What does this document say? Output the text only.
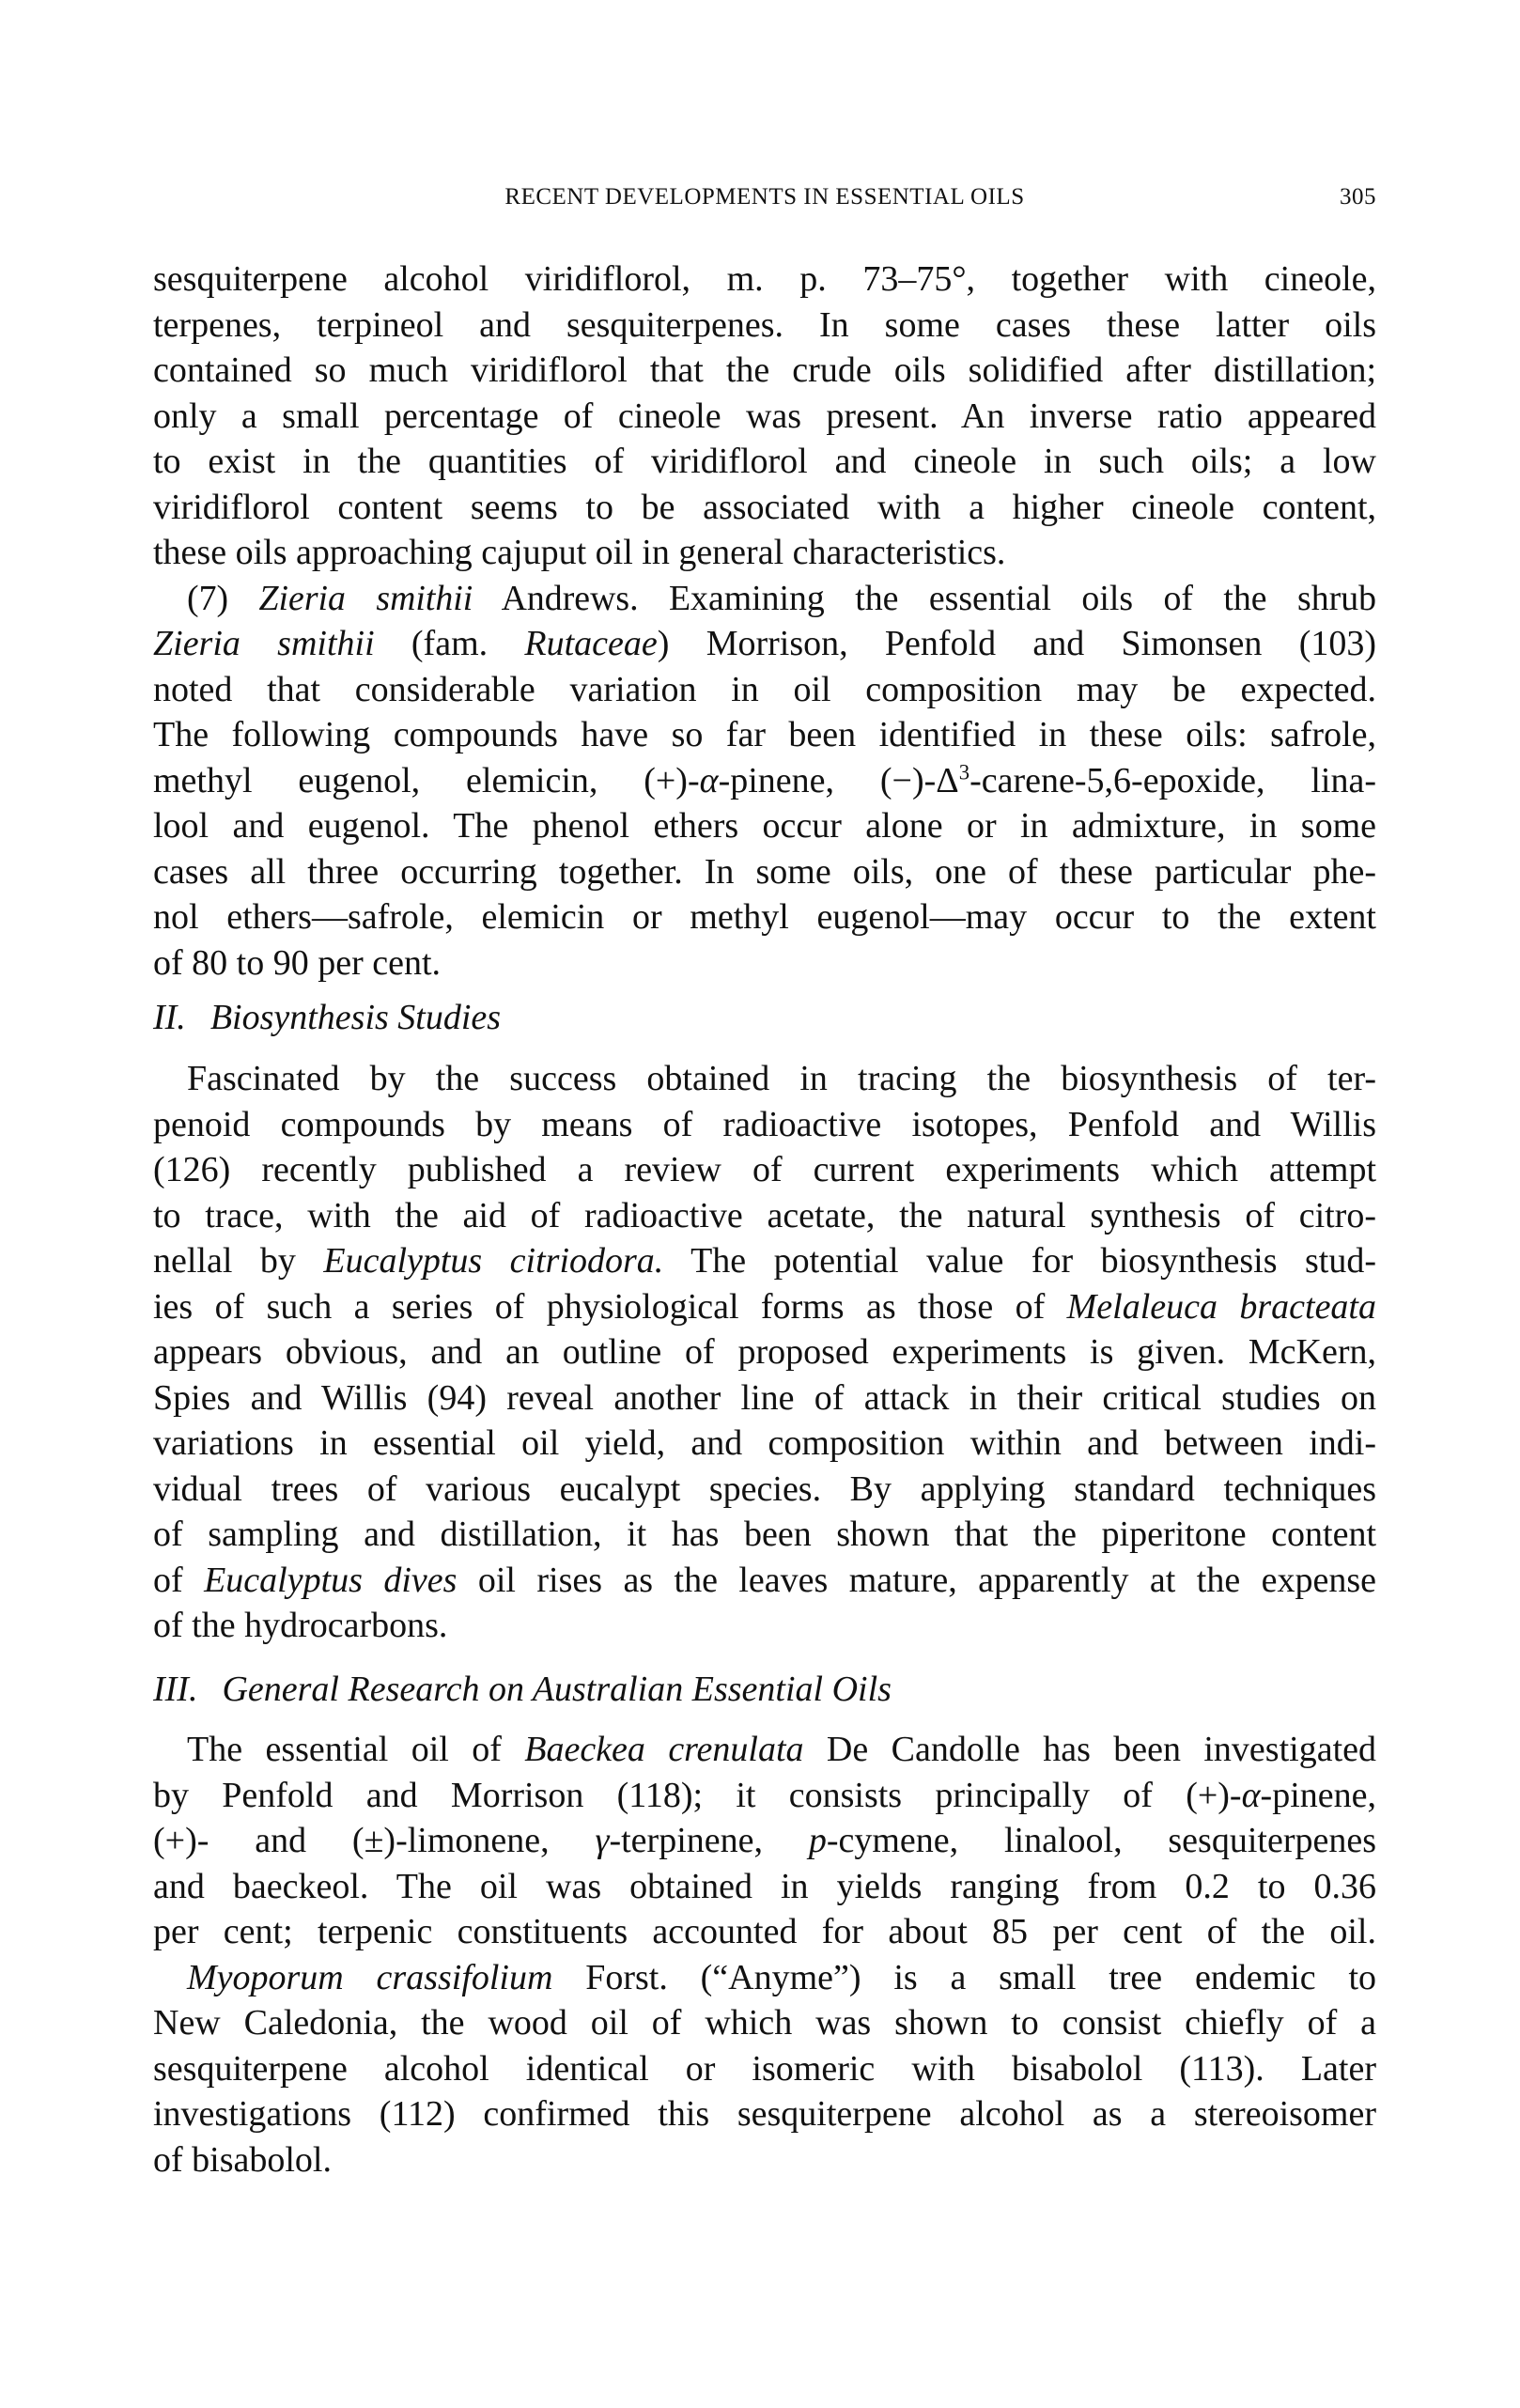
RECENT DEVELOPMENTS IN ESSENTIAL OILS	305
sesquiterpene alcohol viridiflorol, m. p. 73–75°, together with cineole,
terpenes, terpineol and sesquiterpenes. In some cases these latter oils
contained so much viridiflorol that the crude oils solidified after distillation;
only a small percentage of cineole was present. An inverse ratio appeared
to exist in the quantities of viridiflorol and cineole in such oils; a low
viridiflorol content seems to be associated with a higher cineole content,
these oils approaching cajuput oil in general characteristics.
(7) Zieria smithii Andrews. Examining the essential oils of the shrub
Zieria smithii (fam. Rutaceae) Morrison, Penfold and Simonsen (103)
noted that considerable variation in oil composition may be expected.
The following compounds have so far been identified in these oils: safrole,
methyl eugenol, elemicin, (+)-α-pinene, $(-)-\Delta^3-carene-5,6$-epoxide, lina-
lool and eugenol. The phenol ethers occur alone or in admixture, in some
cases all three occurring together. In some oils, one of these particular phe-
nol ethers—safrole, elemicin or methyl eugenol—may occur to the extent
of 80 to 90 per cent.
II. Biosynthesis Studies
Fascinated by the success obtained in tracing the biosynthesis of ter-
penoid compounds by means of radioactive isotopes, Penfold and Willis
(126) recently published a review of current experiments which attempt
to trace, with the aid of radioactive acetate, the natural synthesis of citro-
nellal by Eucalyptus citriodora. The potential value for biosynthesis stud-
ies of such a series of physiological forms as those of Melaleuca bracteata
appears obvious, and an outline of proposed experiments is given. McKern,
Spies and Willis (94) reveal another line of attack in their critical studies on
variations in essential oil yield, and composition within and between indi-
vidual trees of various eucalypt species. By applying standard techniques
of sampling and distillation, it has been shown that the piperitone content
of Eucalyptus dives oil rises as the leaves mature, apparently at the expense
of the hydrocarbons.
III. General Research on Australian Essential Oils
The essential oil of Baeckea crenulata De Candolle has been investigated
by Penfold and Morrison (118); it consists principally of (+)-α-pinene,
(+)- and (±)-limonene, γ-terpinene, p-cymene, linalool, sesquiterpenes
and baeckeol. The oil was obtained in yields ranging from 0.2 to 0.36
per cent; terpenic constituents accounted for about 85 per cent of the oil.
Myoporum crassifolium Forst. (“Anyme”) is a small tree endemic to
New Caledonia, the wood oil of which was shown to consist chiefly of a
sesquiterpene alcohol identical or isomeric with bisabolol (113). Later
investigations (112) confirmed this sesquiterpene alcohol as a stereoisomer
of bisabolol.
